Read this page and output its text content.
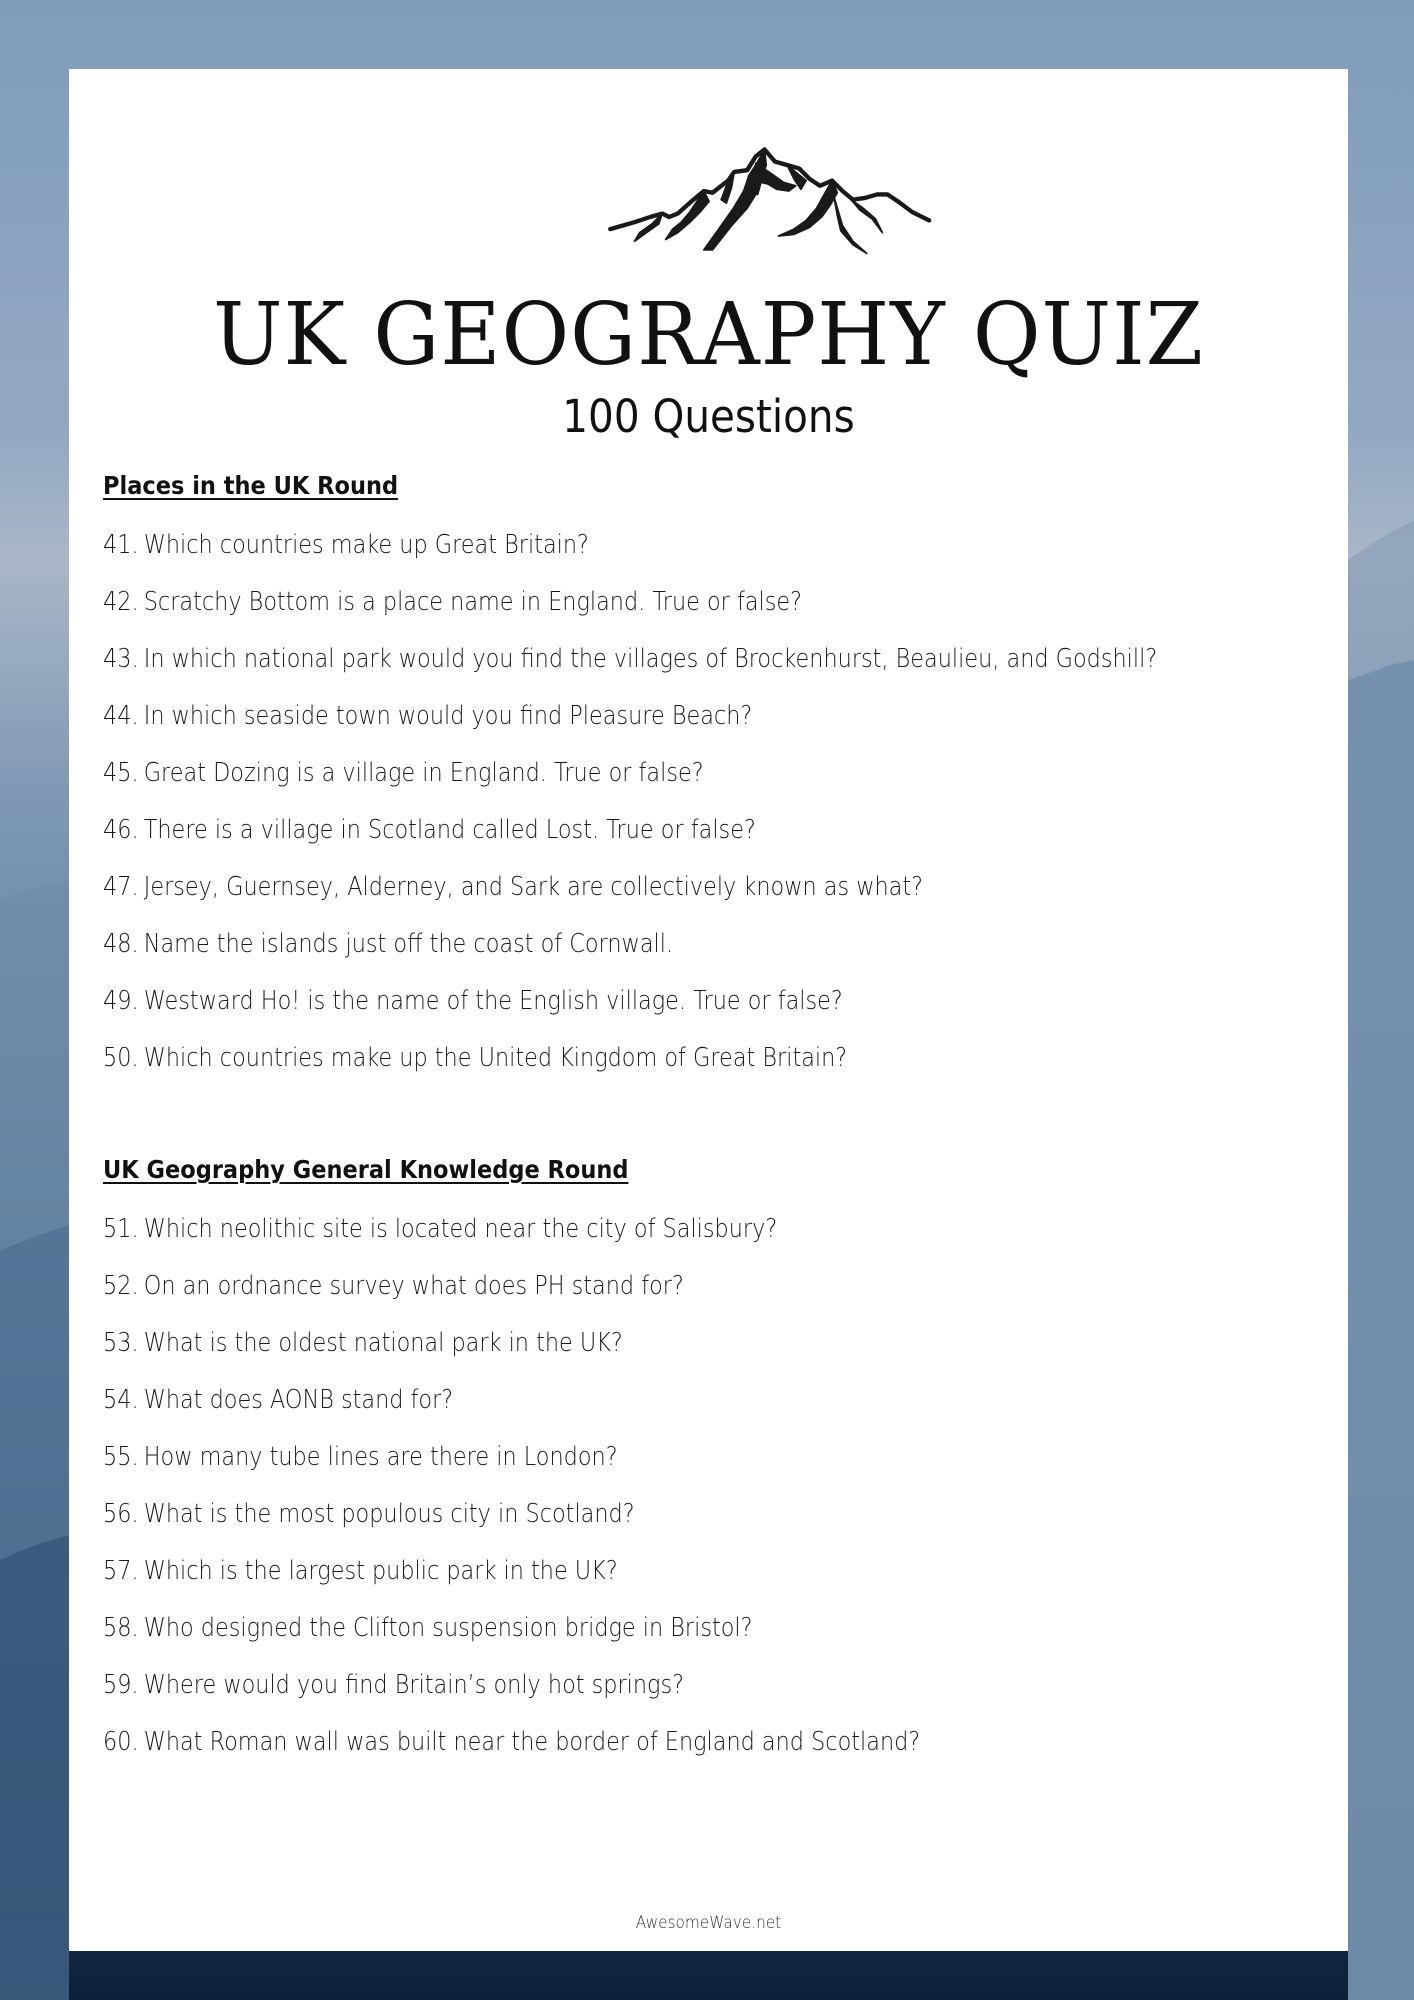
UK GEOGRAPHY QUIZ
100 Questions
Places in the UK Round
41. Which countries make up Great Britain?
42. Scratchy Bottom is a place name in England. True or false?
43. In which national park would you find the villages of Brockenhurst, Beaulieu, and Godshill?
44. In which seaside town would you find Pleasure Beach?
45. Great Dozing is a village in England. True or false?
46. There is a village in Scotland called Lost. True or false?
47. Jersey, Guernsey, Alderney, and Sark are collectively known as what?
48. Name the islands just off the coast of Cornwall.
49. Westward Ho! is the name of the English village. True or false?
50. Which countries make up the United Kingdom of Great Britain?
UK Geography General Knowledge Round
51. Which neolithic site is located near the city of Salisbury?
52. On an ordnance survey what does PH stand for?
53. What is the oldest national park in the UK?
54. What does AONB stand for?
55. How many tube lines are there in London?
56. What is the most populous city in Scotland?
57. Which is the largest public park in the UK?
58. Who designed the Clifton suspension bridge in Bristol?
59. Where would you find Britain’s only hot springs?
60. What Roman wall was built near the border of England and Scotland?
AwesomeWave.net
